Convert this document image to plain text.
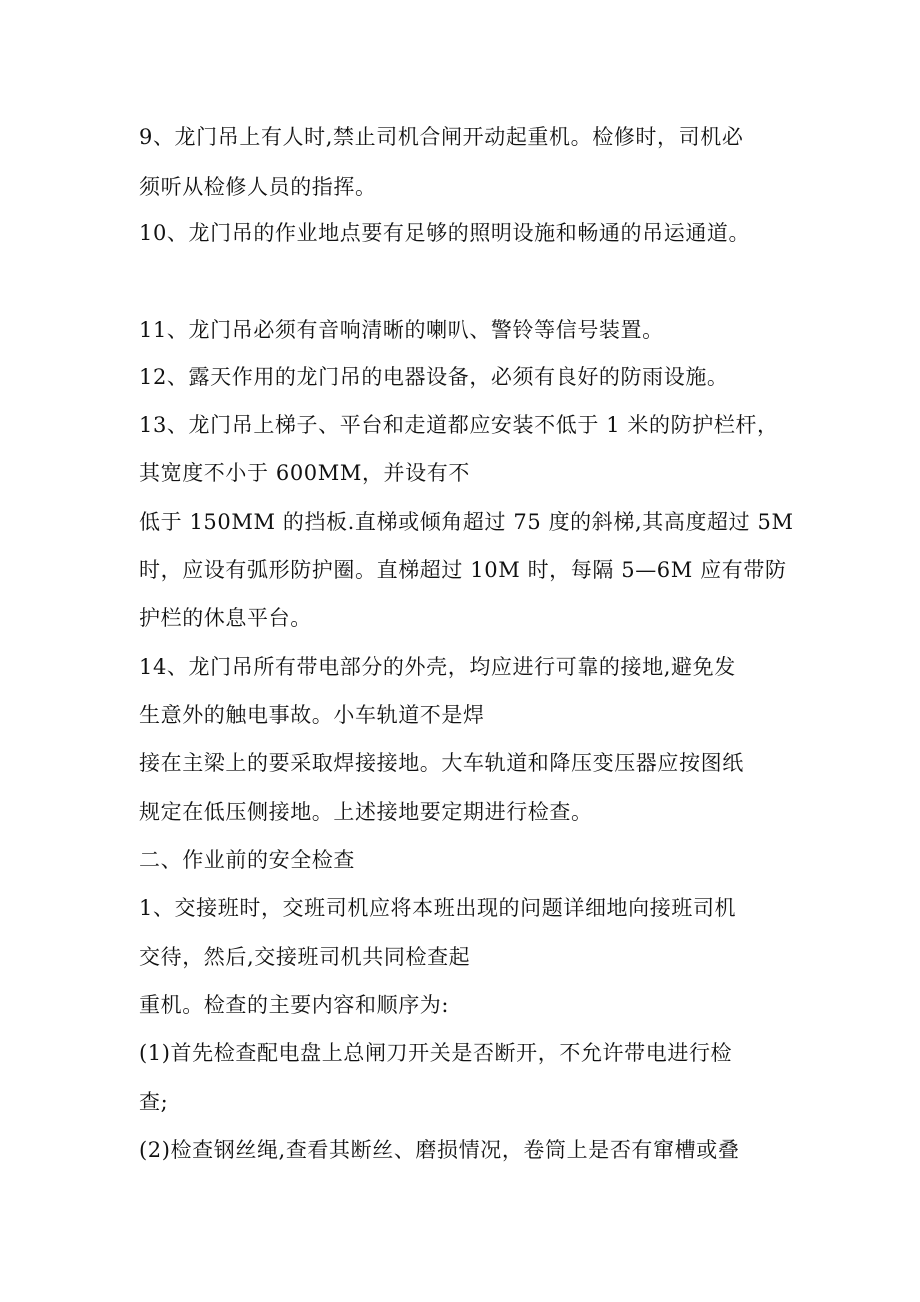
9、龙门吊上有人时,禁止司机合闸开动起重机。检修时，司机必
须听从检修人员的指挥。
10、龙门吊的作业地点要有足够的照明设施和畅通的吊运通道。
11、龙门吊必须有音响清晰的喇叭、警铃等信号装置。
12、露天作用的龙门吊的电器设备，必须有良好的防雨设施。
13、龙门吊上梯子、平台和走道都应安装不低于 1 米的防护栏杆，
其宽度不小于 600MM，并设有不
低于 150MM 的挡板.直梯或倾角超过 75 度的斜梯,其高度超过 5M
时，应设有弧形防护圈。直梯超过 10M 时，每隔 5—6M 应有带防
护栏的休息平台。
14、龙门吊所有带电部分的外壳，均应进行可靠的接地,避免发
生意外的触电事故。小车轨道不是焊
接在主梁上的要采取焊接接地。大车轨道和降压变压器应按图纸
规定在低压侧接地。上述接地要定期进行检查。
二、作业前的安全检查
1、交接班时，交班司机应将本班出现的问题详细地向接班司机
交待，然后,交接班司机共同检查起
重机。检查的主要内容和顺序为:
(1)首先检查配电盘上总闸刀开关是否断开，不允许带电进行检
查;
(2)检查钢丝绳,查看其断丝、磨损情况，卷筒上是否有窜槽或叠
